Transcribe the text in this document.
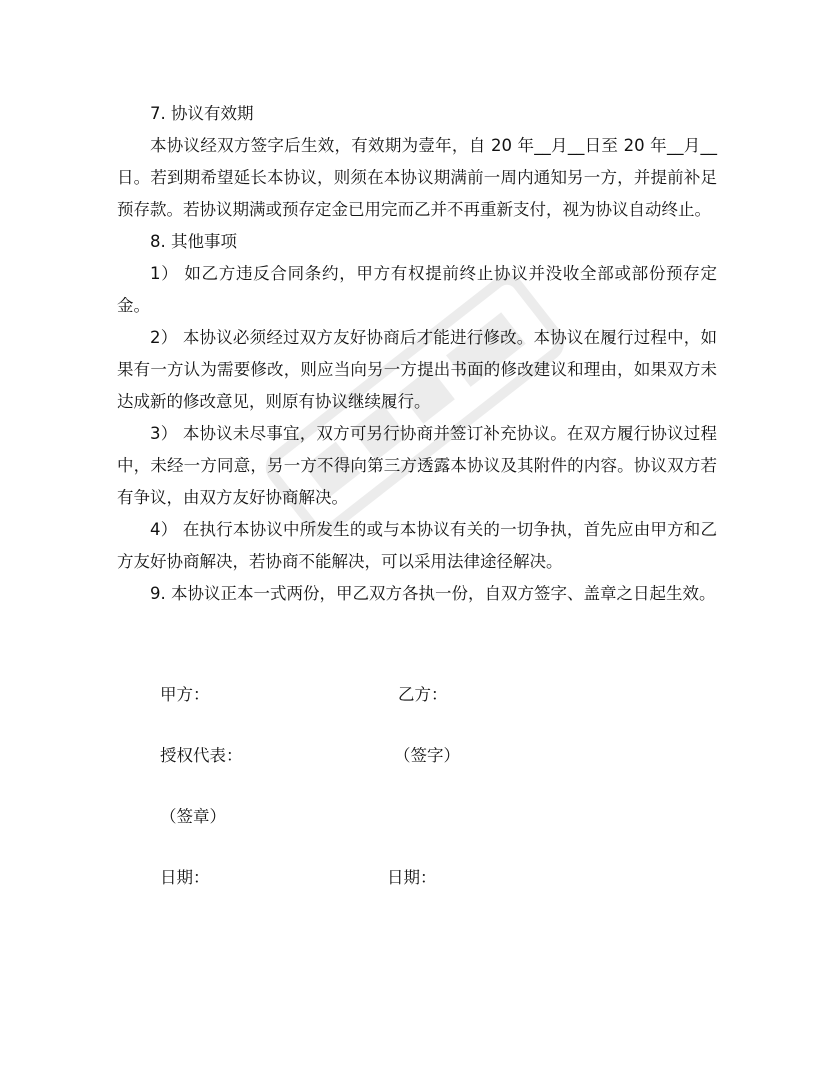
7. 协议有效期

本协议经双方签字后生效，有效期为壹年，自 20 年__月__日至 20 年__月__日。若到期希望延长本协议，则须在本协议期满前一周内通知另一方，并提前补足预存款。若协议期满或预存定金已用完而乙并不再重新支付，视为协议自动终止。

8. 其他事项

1） 如乙方违反合同条约，甲方有权提前终止协议并没收全部或部份预存定金。

2） 本协议必须经过双方友好协商后才能进行修改。本协议在履行过程中，如果有一方认为需要修改，则应当向另一方提出书面的修改建议和理由，如果双方未达成新的修改意见，则原有协议继续履行。

3） 本协议未尽事宜，双方可另行协商并签订补充协议。在双方履行协议过程中，未经一方同意，另一方不得向第三方透露本协议及其附件的内容。协议双方若有争议，由双方友好协商解决。

4） 在执行本协议中所发生的或与本协议有关的一切争执，首先应由甲方和乙方友好协商解决，若协商不能解决，可以采用法律途径解决。

9. 本协议正本一式两份，甲乙双方各执一份，自双方签字、盖章之日起生效。

甲方：	乙方：
授权代表：	（签字）
（签章）
日期：	日期：
